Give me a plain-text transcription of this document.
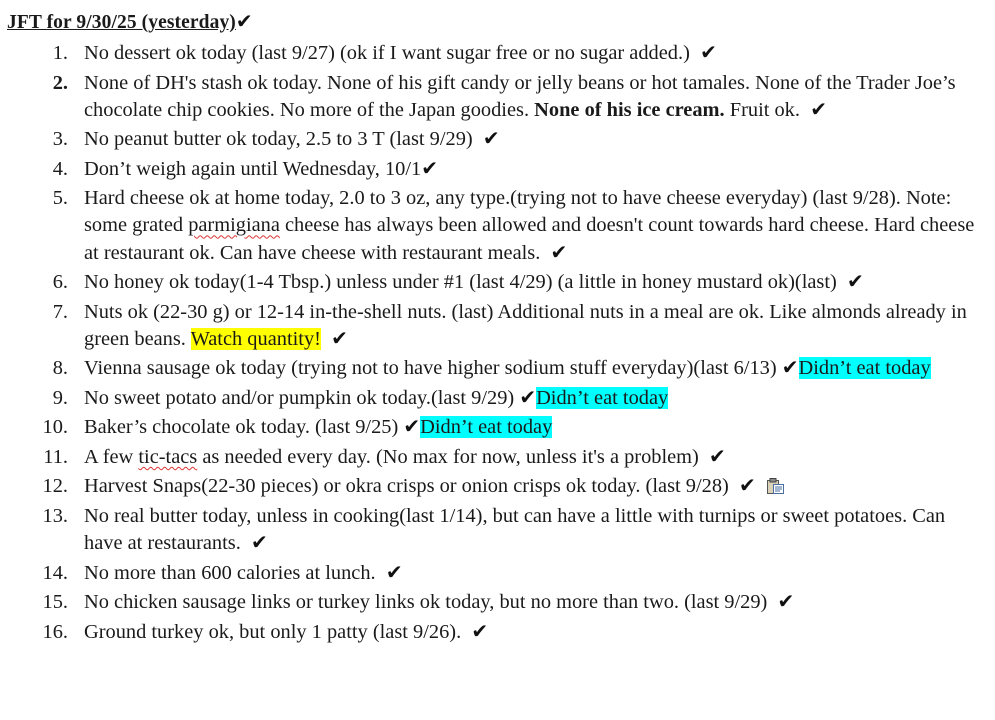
JFT for 9/30/25 (yesterday)✔
1. No dessert ok today (last 9/27) (ok if I want sugar free or no sugar added.) ✔
2. None of DH's stash ok today. None of his gift candy or jelly beans or hot tamales. None of the Trader Joe’s chocolate chip cookies. No more of the Japan goodies. None of his ice cream. Fruit ok. ✔
3. No peanut butter ok today, 2.5 to 3 T (last 9/29) ✔
4. Don’t weigh again until Wednesday, 10/1✔
5. Hard cheese ok at home today, 2.0 to 3 oz, any type.(trying not to have cheese everyday) (last 9/28). Note: some grated parmigiana cheese has always been allowed and doesn't count towards hard cheese. Hard cheese at restaurant ok. Can have cheese with restaurant meals. ✔
6. No honey ok today(1-4 Tbsp.) unless under #1 (last 4/29) (a little in honey mustard ok)(last) ✔
7. Nuts ok (22-30 g) or 12-14 in-the-shell nuts. (last) Additional nuts in a meal are ok. Like almonds already in green beans. Watch quantity! ✔
8. Vienna sausage ok today (trying not to have higher sodium stuff everyday)(last 6/13) ✔Didn’t eat today
9. No sweet potato and/or pumpkin ok today.(last 9/29) ✔Didn’t eat today
10. Baker’s chocolate ok today. (last 9/25) ✔Didn’t eat today
11. A few tic-tacs as needed every day. (No max for now, unless it's a problem) ✔
12. Harvest Snaps(22-30 pieces) or okra crisps or onion crisps ok today. (last 9/28) ✔
13. No real butter today, unless in cooking(last 1/14), but can have a little with turnips or sweet potatoes. Can have at restaurants. ✔
14. No more than 600 calories at lunch. ✔
15. No chicken sausage links or turkey links ok today, but no more than two. (last 9/29) ✔
16. Ground turkey ok, but only 1 patty (last 9/26). ✔
